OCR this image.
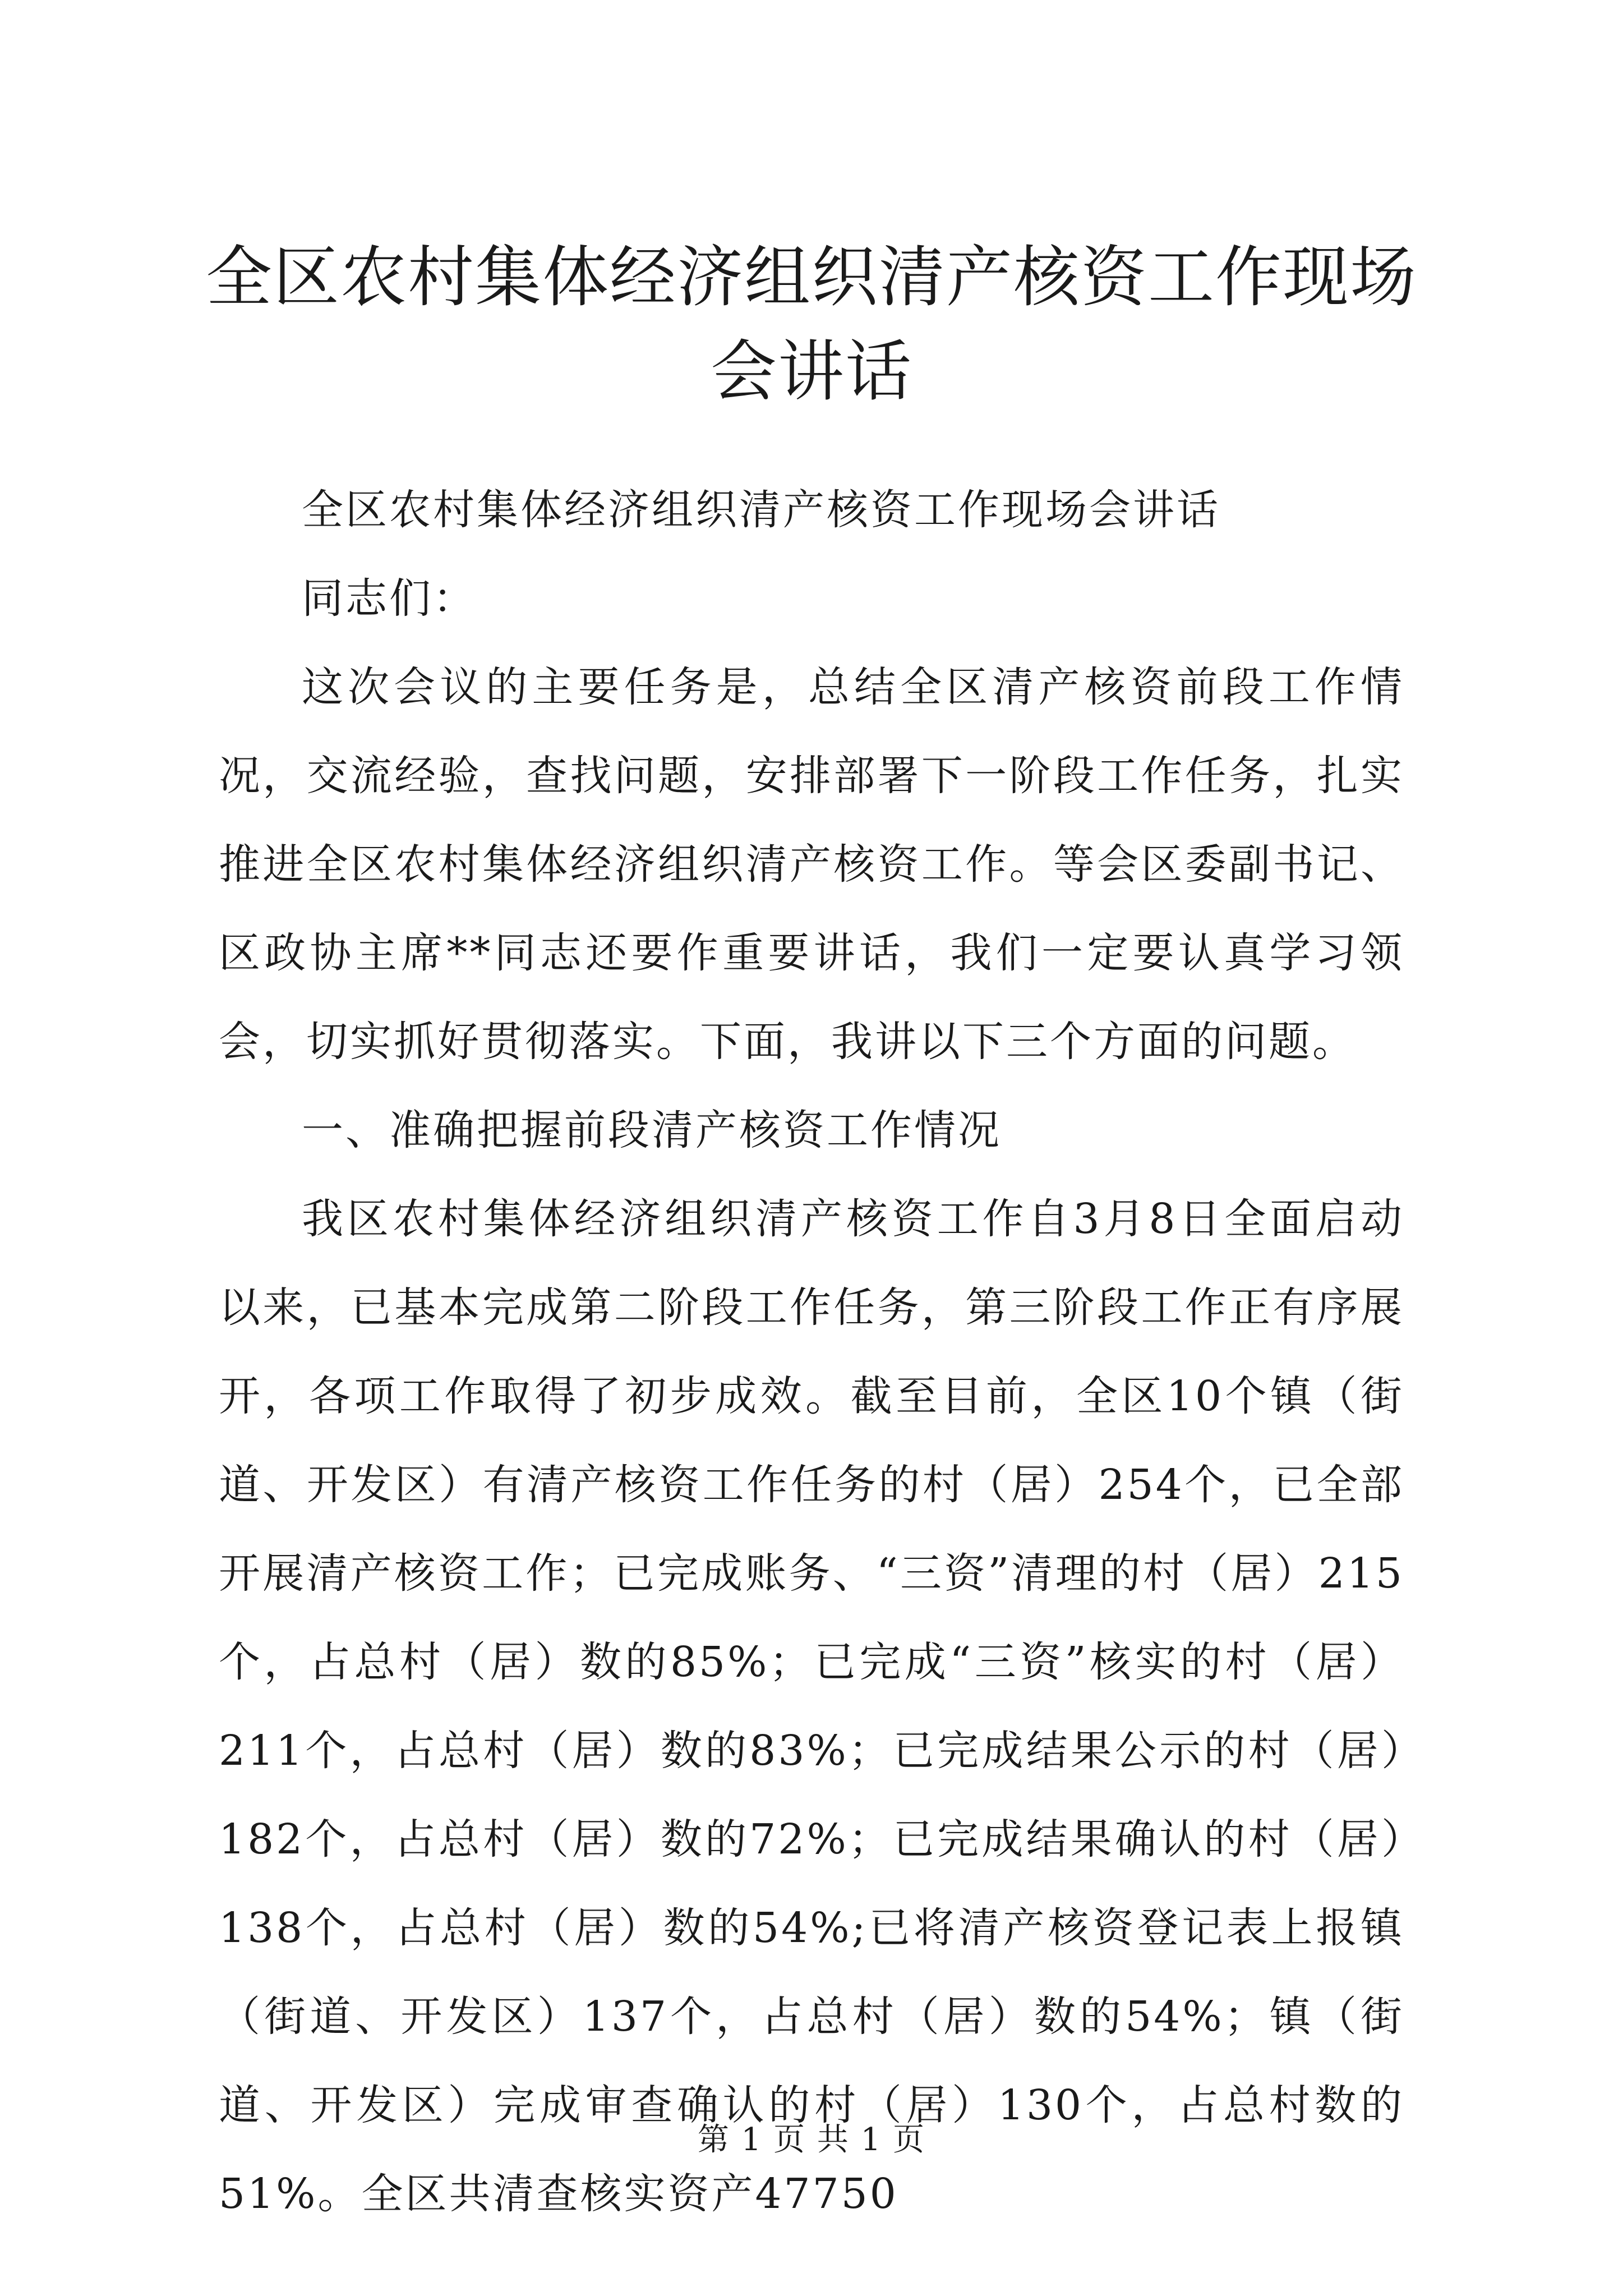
全区农村集体经济组织清产核资工作现场会讲话

全区农村集体经济组织清产核资工作现场会讲话

同志们：

这次会议的主要任务是，总结全区清产核资前段工作情况，交流经验，查找问题，安排部署下一阶段工作任务，扎实推进全区农村集体经济组织清产核资工作。等会区委副书记、区政协主席**同志还要作重要讲话，我们一定要认真学习领会，切实抓好贯彻落实。下面，我讲以下三个方面的问题。

一、准确把握前段清产核资工作情况

我区农村集体经济组织清产核资工作自3月8日全面启动以来，已基本完成第二阶段工作任务，第三阶段工作正有序展开，各项工作取得了初步成效。截至目前，全区10个镇（街道、开发区）有清产核资工作任务的村（居）254个，已全部开展清产核资工作；已完成账务、“三资”清理的村（居）215个，占总村（居）数的85%；已完成“三资”核实的村（居）211个，占总村（居）数的83%；已完成结果公示的村（居）182个，占总村（居）数的72%；已完成结果确认的村（居）138个，占总村（居）数的54%;已将清产核资登记表上报镇（街道、开发区）137个，占总村（居）数的54%；镇（街道、开发区）完成审查确认的村（居）130个，占总村数的51%。全区共清查核实资产47750

第 1 页 共 1 页
